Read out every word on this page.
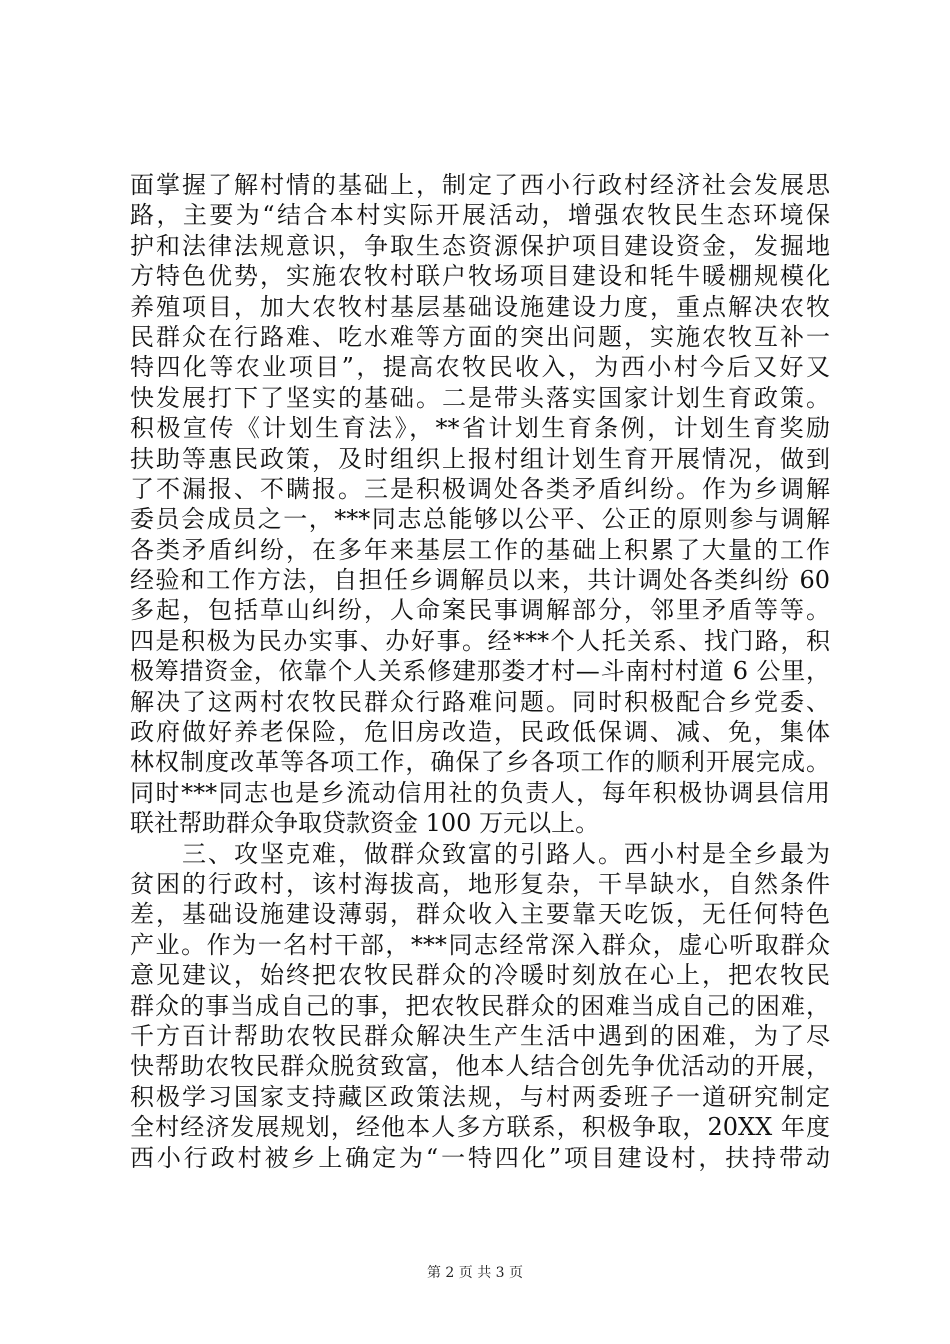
面掌握了解村情的基础上，制定了西小行政村经济社会发展思
路，主要为“结合本村实际开展活动，增强农牧民生态环境保
护和法律法规意识，争取生态资源保护项目建设资金，发掘地
方特色优势，实施农牧村联户牧场项目建设和牦牛暖棚规模化
养殖项目，加大农牧村基层基础设施建设力度，重点解决农牧
民群众在行路难、吃水难等方面的突出问题，实施农牧互补一
特四化等农业项目”，提高农牧民收入，为西小村今后又好又
快发展打下了坚实的基础。二是带头落实国家计划生育政策。
积极宣传《计划生育法》，**省计划生育条例，计划生育奖励
扶助等惠民政策，及时组织上报村组计划生育开展情况，做到
了不漏报、不瞒报。三是积极调处各类矛盾纠纷。作为乡调解
委员会成员之一，***同志总能够以公平、公正的原则参与调解
各类矛盾纠纷，在多年来基层工作的基础上积累了大量的工作
经验和工作方法，自担任乡调解员以来，共计调处各类纠纷 60
多起，包括草山纠纷，人命案民事调解部分，邻里矛盾等等。
四是积极为民办实事、办好事。经***个人托关系、找门路，积
极筹措资金，依靠个人关系修建那娄才村—斗南村村道 6 公里，
解决了这两村农牧民群众行路难问题。同时积极配合乡党委、
政府做好养老保险，危旧房改造，民政低保调、减、免，集体
林权制度改革等各项工作，确保了乡各项工作的顺利开展完成。
同时***同志也是乡流动信用社的负责人，每年积极协调县信用
联社帮助群众争取贷款资金 100 万元以上。
三、攻坚克难，做群众致富的引路人。西小村是全乡最为
贫困的行政村，该村海拔高，地形复杂，干旱缺水，自然条件
差，基础设施建设薄弱，群众收入主要靠天吃饭，无任何特色
产业。作为一名村干部，***同志经常深入群众，虚心听取群众
意见建议，始终把农牧民群众的冷暖时刻放在心上，把农牧民
群众的事当成自己的事，把农牧民群众的困难当成自己的困难，
千方百计帮助农牧民群众解决生产生活中遇到的困难，为了尽
快帮助农牧民群众脱贫致富，他本人结合创先争优活动的开展，
积极学习国家支持藏区政策法规，与村两委班子一道研究制定
全村经济发展规划，经他本人多方联系，积极争取，20XX 年度
西小行政村被乡上确定为“一特四化”项目建设村，扶持带动
第 2 页 共 3 页
